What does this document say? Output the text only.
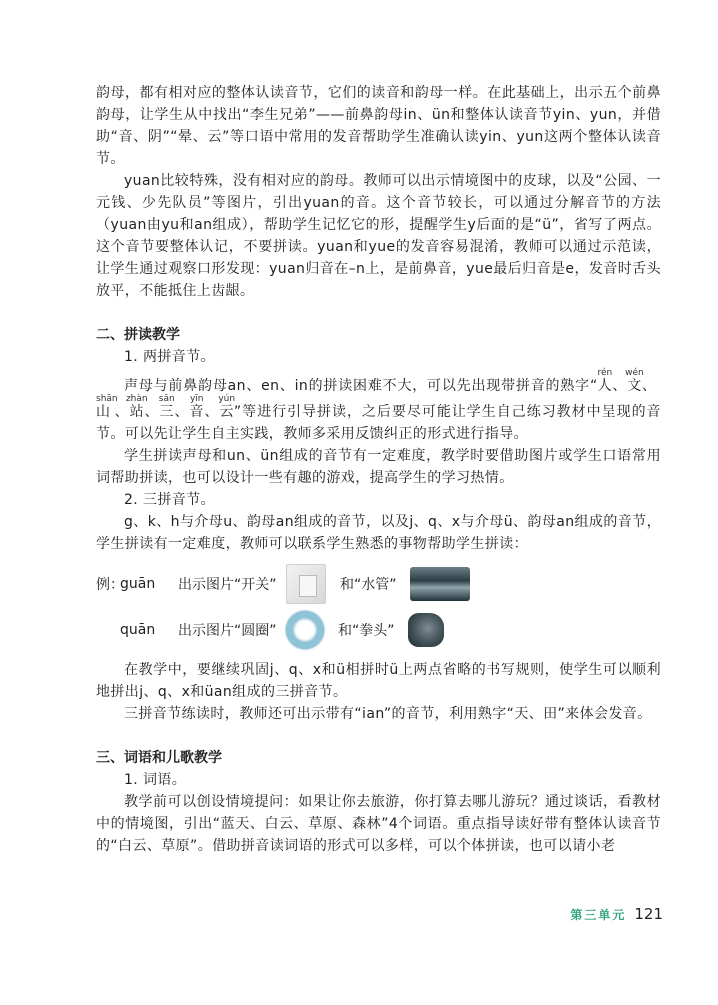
韵母，都有相对应的整体认读音节，它们的读音和韵母一样。在此基础上，出示五个前鼻韵母，让学生从中找出“李生兄弟”——前鼻韵母in、ün和整体认读音节yin、yun，并借助“音、阴”“晕、云”等口语中常用的发音帮助学生准确认读yin、yun这两个整体认读音节。

yuan比较特殊，没有相对应的韵母。教师可以出示情境图中的皮球，以及“公园、一元钱、少先队员”等图片，引出yuan的音。这个音节较长，可以通过分解音节的方法（yuan由yu和an组成），帮助学生记忆它的形，提醒学生y后面的是“ü”，省写了两点。这个音节要整体认记，不要拼读。yuan和yue的发音容易混淆，教师可以通过示范读，让学生通过观察口形发现：yuan归音在–n上，是前鼻音，yue最后归音是e，发音时舌头放平，不能抵住上齿龈。

二、拼读教学

1. 两拼音节。

声母与前鼻韵母an、en、in的拼读困难不大，可以先出现带拼音的熟字“人rén、文wén、山shān、站zhàn、三sān、音yīn、云yún”等进行引导拼读，之后要尽可能让学生自己练习教材中呈现的音节。可以先让学生自主实践，教师多采用反馈纠正的形式进行指导。

学生拼读声母和un、ün组成的音节有一定难度，教学时要借助图片或学生口语常用词帮助拼读，也可以设计一些有趣的游戏，提高学生的学习热情。

2. 三拼音节。

g、k、h与介母u、韵母an组成的音节，以及j、q、x与介母ü、韵母an组成的音节，学生拼读有一定难度，教师可以联系学生熟悉的事物帮助学生拼读：

例：
guān	出示图片“开关”	和“水管”
quān	出示图片“圆圈”	和“拳头”

在教学中，要继续巩固j、q、x和ü相拼时ü上两点省略的书写规则，使学生可以顺利地拼出j、q、x和üan组成的三拼音节。

三拼音节练读时，教师还可出示带有“ian”的音节，利用熟字“天、田”来体会发音。

三、词语和儿歌教学

1. 词语。

教学前可以创设情境提问：如果让你去旅游，你打算去哪儿游玩？通过谈话，看教材中的情境图，引出“蓝天、白云、草原、森林”4个词语。重点指导读好带有整体认读音节的“白云、草原”。借助拼音读词语的形式可以多样，可以个体拼读，也可以请小老

第三单元 121
